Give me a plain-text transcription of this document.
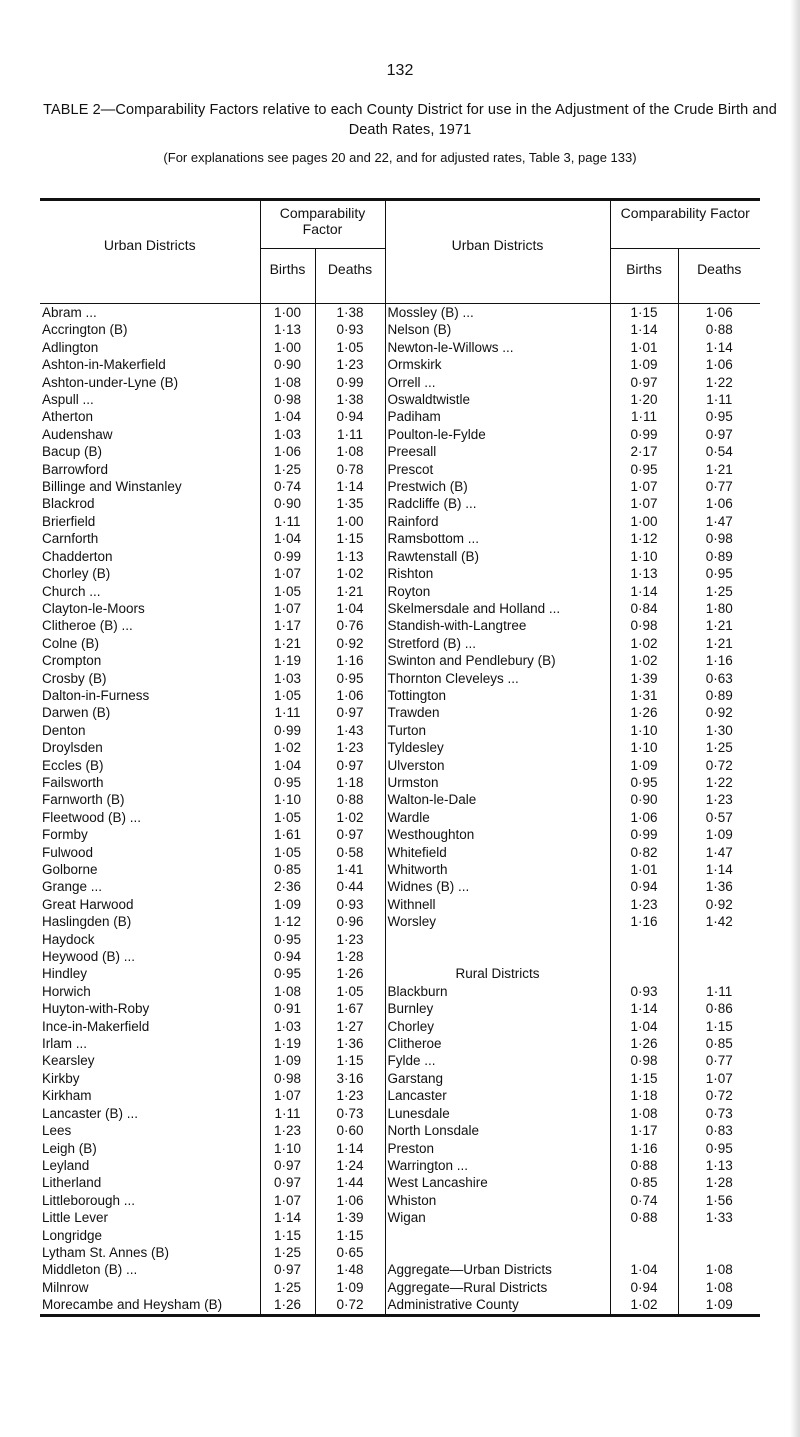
132
TABLE 2—Comparability Factors relative to each County District for use in the Adjustment of the Crude Birth and Death Rates, 1971
(For explanations see pages 20 and 22, and for adjusted rates, Table 3, page 133)

Urban Districts	Comparability Factor		Urban Districts	Comparability Factor	
	Births	Deaths		Births	Deaths

Abram ...	1·00	1·38	Mossley (B) ...	1·15	1·06
Accrington (B)	1·13	0·93	Nelson (B)	1·14	0·88
Adlington	1·00	1·05	Newton-le-Willows ...	1·01	1·14
Ashton-in-Makerfield	0·90	1·23	Ormskirk	1·09	1·06
Ashton-under-Lyne (B)	1·08	0·99	Orrell ...	0·97	1·22
Aspull ...	0·98	1·38	Oswaldtwistle	1·20	1·11
Atherton	1·04	0·94	Padiham	1·11	0·95
Audenshaw	1·03	1·11	Poulton-le-Fylde	0·99	0·97
Bacup (B)	1·06	1·08	Preesall	2·17	0·54
Barrowford	1·25	0·78	Prescot	0·95	1·21
Billinge and Winstanley	0·74	1·14	Prestwich (B)	1·07	0·77
Blackrod	0·90	1·35	Radcliffe (B) ...	1·07	1·06
Brierfield	1·11	1·00	Rainford	1·00	1·47
Carnforth	1·04	1·15	Ramsbottom ...	1·12	0·98
Chadderton	0·99	1·13	Rawtenstall (B)	1·10	0·89
Chorley (B)	1·07	1·02	Rishton	1·13	0·95
Church ...	1·05	1·21	Royton	1·14	1·25
Clayton-le-Moors	1·07	1·04	Skelmersdale and Holland ...	0·84	1·80
Clitheroe (B) ...	1·17	0·76	Standish-with-Langtree	0·98	1·21
Colne (B)	1·21	0·92	Stretford (B) ...	1·02	1·21
Crompton	1·19	1·16	Swinton and Pendlebury (B)	1·02	1·16
Crosby (B)	1·03	0·95	Thornton Cleveleys ...	1·39	0·63
Dalton-in-Furness	1·05	1·06	Tottington	1·31	0·89
Darwen (B)	1·11	0·97	Trawden	1·26	0·92
Denton	0·99	1·43	Turton	1·10	1·30
Droylsden	1·02	1·23	Tyldesley	1·10	1·25
Eccles (B)	1·04	0·97	Ulverston	1·09	0·72
Failsworth	0·95	1·18	Urmston	0·95	1·22
Farnworth (B)	1·10	0·88	Walton-le-Dale	0·90	1·23
Fleetwood (B) ...	1·05	1·02	Wardle	1·06	0·57
Formby	1·61	0·97	Westhoughton	0·99	1·09
Fulwood	1·05	0·58	Whitefield	0·82	1·47
Golborne	0·85	1·41	Whitworth	1·01	1·14
Grange ...	2·36	0·44	Widnes (B) ...	0·94	1·36
Great Harwood	1·09	0·93	Withnell	1·23	0·92
Haslingden (B)	1·12	0·96	Worsley	1·16	1·42
Haydock	0·95	1·23			
Heywood (B) ...	0·94	1·28			
Hindley	0·95	1·26	Rural Districts		
Horwich	1·08	1·05	Blackburn	0·93	1·11
Huyton-with-Roby	0·91	1·67	Burnley	1·14	0·86
Ince-in-Makerfield	1·03	1·27	Chorley	1·04	1·15
Irlam ...	1·19	1·36	Clitheroe	1·26	0·85
Kearsley	1·09	1·15	Fylde ...	0·98	0·77
Kirkby	0·98	3·16	Garstang	1·15	1·07
Kirkham	1·07	1·23	Lancaster	1·18	0·72
Lancaster (B) ...	1·11	0·73	Lunesdale	1·08	0·73
Lees	1·23	0·60	North Lonsdale	1·17	0·83
Leigh (B)	1·10	1·14	Preston	1·16	0·95
Leyland	0·97	1·24	Warrington ...	0·88	1·13
Litherland	0·97	1·44	West Lancashire	0·85	1·28
Littleborough ...	1·07	1·06	Whiston	0·74	1·56
Little Lever	1·14	1·39	Wigan	0·88	1·33
Longridge	1·15	1·15			
Lytham St. Annes (B)	1·25	0·65			
Middleton (B) ...	0·97	1·48	Aggregate—Urban Districts	1·04	1·08
Milnrow	1·25	1·09	Aggregate—Rural Districts	0·94	1·08
Morecambe and Heysham (B)	1·26	0·72	Administrative County	1·02	1·09
